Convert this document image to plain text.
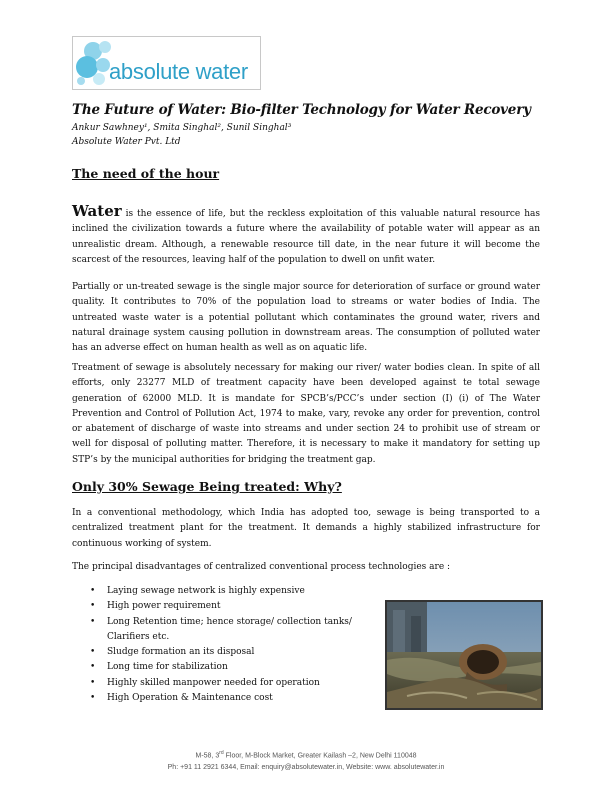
absolute water
The Future of Water: Bio-filter Technology for Water Recovery
Ankur Sawhney¹, Smita Singhal², Sunil Singhal³
Absolute Water Pvt. Ltd
The need of the hour
Water is the essence of life, but the reckless exploitation of this valuable natural resource has inclined the civilization towards a future where the availability of potable water will appear as an unrealistic dream. Although, a renewable resource till date, in the near future it will become the scarcest of the resources, leaving half of the population to dwell on unfit water.
Partially or un-treated sewage is the single major source for deterioration of surface or ground water quality. It contributes to 70% of the population load to streams or water bodies of India. The untreated waste water is a potential pollutant which contaminates the ground water, rivers and natural drainage system causing pollution in downstream areas. The consumption of polluted water has an adverse effect on human health as well as on aquatic life.
Treatment of sewage is absolutely necessary for making our river/ water bodies clean. In spite of all efforts, only 23277 MLD of treatment capacity have been developed against te total sewage generation of 62000 MLD. It is mandate for SPCB’s/PCC’s under section (I) (i) of The Water Prevention and Control of Pollution Act, 1974 to make, vary, revoke any order for prevention, control or abatement of discharge of waste into streams and under section 24 to prohibit use of stream or well for disposal of polluting matter. Therefore, it is necessary to make it mandatory for setting up STP’s by the municipal authorities for bridging the treatment gap.
Only 30% Sewage Being treated: Why?
In a conventional methodology, which India has adopted too, sewage is being transported to a centralized treatment plant for the treatment. It demands a highly stabilized infrastructure for continuous working of system.
The principal disadvantages of centralized conventional process technologies are :
• Laying sewage network is highly expensive
• High power requirement
• Long Retention time; hence storage/ collection tanks/ Clarifiers etc.
• Sludge formation an its disposal
• Long time for stabilization
• Highly skilled manpower needed for operation
• High Operation & Maintenance cost
M-58, 3rd Floor, M-Block Market, Greater Kailash –2, New Delhi 110048
Ph: +91 11 2921 6344, Email: enquiry@absolutewater.in, Website: www. absolutewater.in
